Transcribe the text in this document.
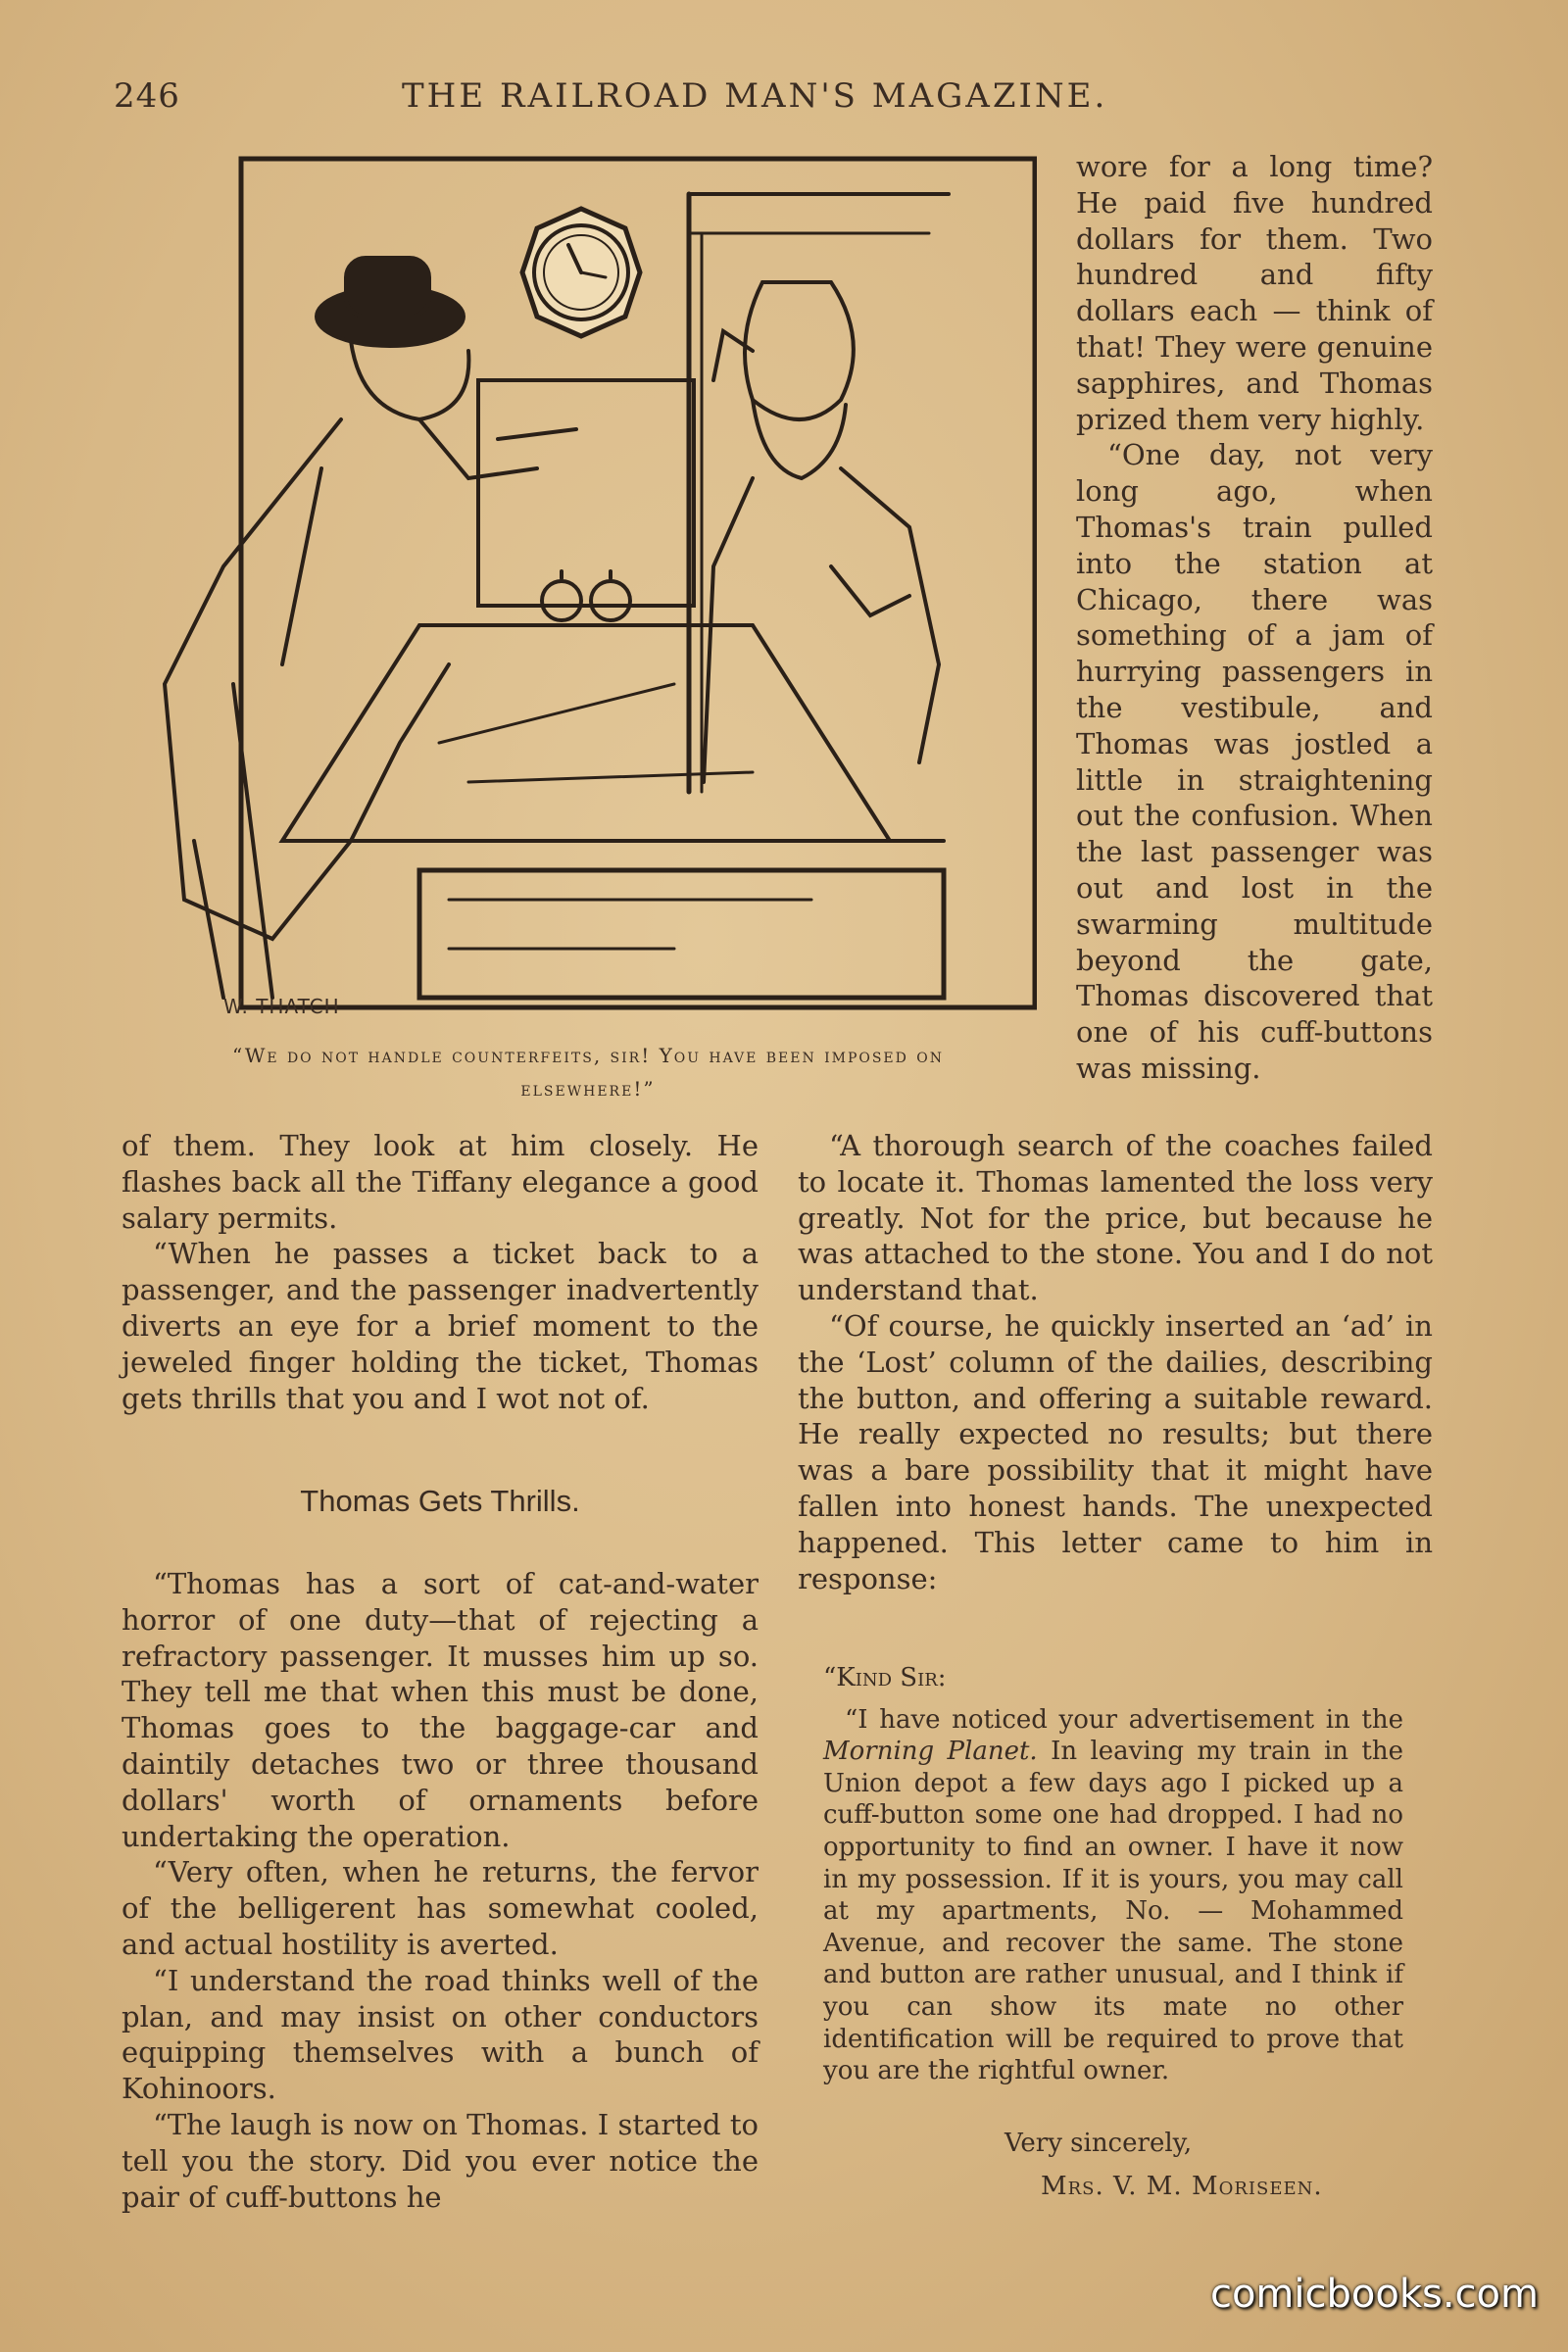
246	THE RAILROAD MAN'S MAGAZINE.
W. THATCH
“We do not handle counterfeits, sir! You have been imposed on elsewhere!”

wore for a long time? He paid five hundred dollars for them. Two hundred and fifty dollars each — think of that! They were genuine sapphires, and Thomas prized them very highly.

“One day, not very long ago, when Thomas's train pulled into the station at Chicago, there was something of a jam of hurrying passengers in the vestibule, and Thomas was jostled a little in straightening out the confusion. When the last passenger was out and lost in the swarming multitude beyond the gate, Thomas discovered that one of his cuff-buttons was missing.

of them. They look at him closely. He flashes back all the Tiffany elegance a good salary permits.

“When he passes a ticket back to a passenger, and the passenger inadvertently diverts an eye for a brief moment to the jeweled finger holding the ticket, Thomas gets thrills that you and I wot not of.

Thomas Gets Thrills.

“Thomas has a sort of cat-and-water horror of one duty—that of rejecting a refractory passenger. It musses him up so. They tell me that when this must be done, Thomas goes to the baggage-car and daintily detaches two or three thousand dollars' worth of ornaments before undertaking the operation.

“Very often, when he returns, the fervor of the belligerent has somewhat cooled, and actual hostility is averted.

“I understand the road thinks well of the plan, and may insist on other conductors equipping themselves with a bunch of Kohinoors.

“The laugh is now on Thomas. I started to tell you the story. Did you ever notice the pair of cuff-buttons he

“A thorough search of the coaches failed to locate it. Thomas lamented the loss very greatly. Not for the price, but because he was attached to the stone. You and I do not understand that.

“Of course, he quickly inserted an ‘ad’ in the ‘Lost’ column of the dailies, describing the button, and offering a suitable reward. He really expected no results; but there was a bare possibility that it might have fallen into honest hands. The unexpected happened. This letter came to him in response:

“Kind Sir:

“I have noticed your advertisement in the Morning Planet. In leaving my train in the Union depot a few days ago I picked up a cuff-button some one had dropped. I had no opportunity to find an owner. I have it now in my possession. If it is yours, you may call at my apartments, No. — Mohammed Avenue, and recover the same. The stone and button are rather unusual, and I think if you can show its mate no other identification will be required to prove that you are the rightful owner.

Very sincerely,
Mrs. V. M. Moriseen.
comicbooks.com
